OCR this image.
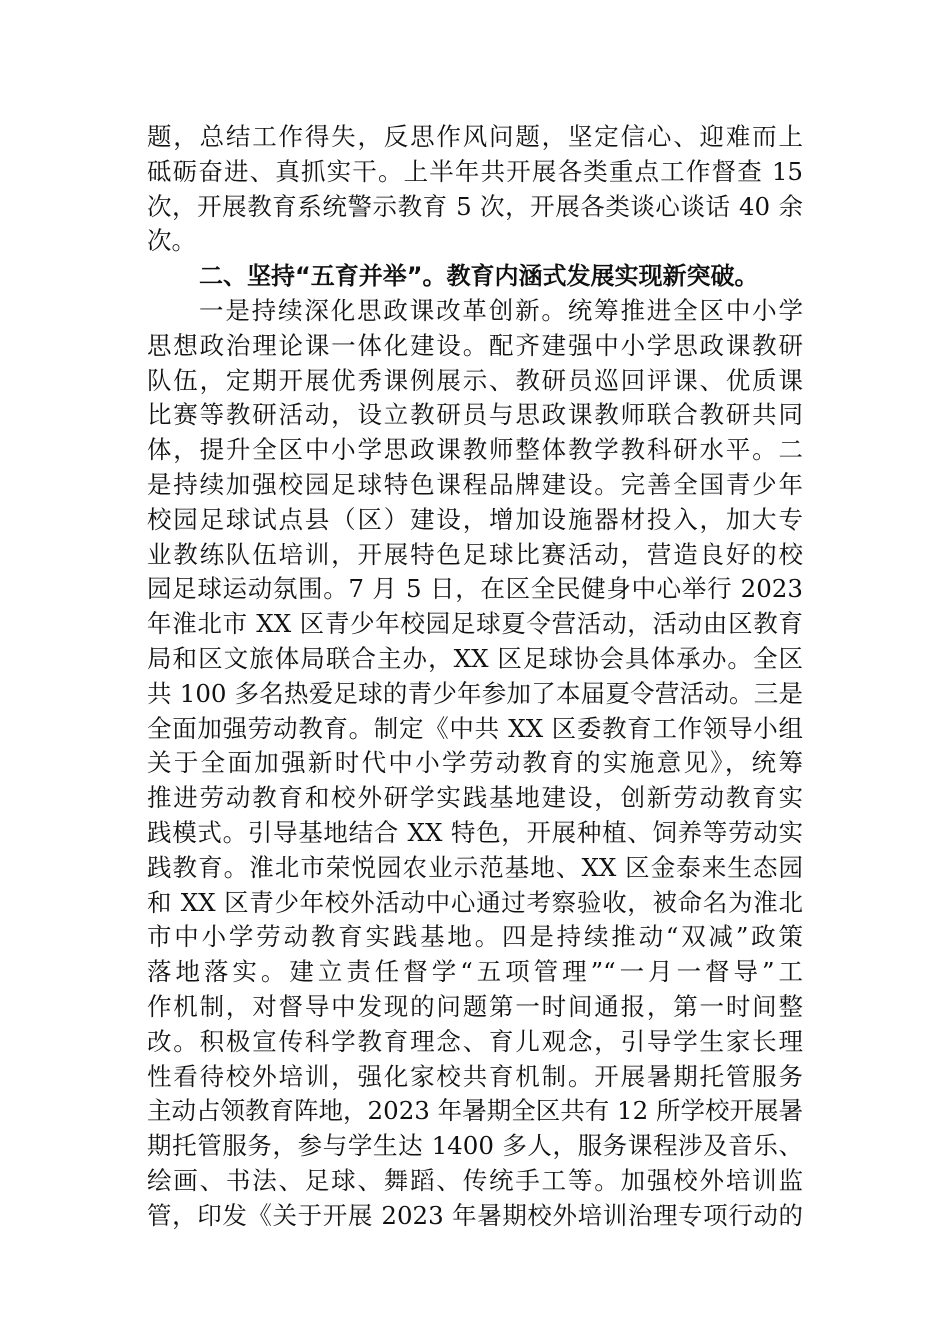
题，总结工作得失，反思作风问题，坚定信心、迎难而上
砥砺奋进、真抓实干。上半年共开展各类重点工作督查 15
次，开展教育系统警示教育 5 次，开展各类谈心谈话 40 余
次。
二、坚持“五育并举”。教育内涵式发展实现新突破。
一是持续深化思政课改革创新。统筹推进全区中小学
思想政治理论课一体化建设。配齐建强中小学思政课教研
队伍，定期开展优秀课例展示、教研员巡回评课、优质课
比赛等教研活动，设立教研员与思政课教师联合教研共同
体，提升全区中小学思政课教师整体教学教科研水平。二
是持续加强校园足球特色课程品牌建设。完善全国青少年
校园足球试点县（区）建设，增加设施器材投入，加大专
业教练队伍培训，开展特色足球比赛活动，营造良好的校
园足球运动氛围。7 月 5 日，在区全民健身中心举行 2023
年淮北市 XX 区青少年校园足球夏令营活动，活动由区教育
局和区文旅体局联合主办，XX 区足球协会具体承办。全区
共 100 多名热爱足球的青少年参加了本届夏令营活动。三是
全面加强劳动教育。制定《中共 XX 区委教育工作领导小组
关于全面加强新时代中小学劳动教育的实施意见》，统筹
推进劳动教育和校外研学实践基地建设，创新劳动教育实
践模式。引导基地结合 XX 特色，开展种植、饲养等劳动实
践教育。淮北市荣悦园农业示范基地、XX 区金泰来生态园
和 XX 区青少年校外活动中心通过考察验收，被命名为淮北
市中小学劳动教育实践基地。四是持续推动“双减”政策
落地落实。建立责任督学“五项管理”“一月一督导”工
作机制，对督导中发现的问题第一时间通报，第一时间整
改。积极宣传科学教育理念、育儿观念，引导学生家长理
性看待校外培训，强化家校共育机制。开展暑期托管服务
主动占领教育阵地，2023 年暑期全区共有 12 所学校开展暑
期托管服务，参与学生达 1400 多人，服务课程涉及音乐、
绘画、书法、足球、舞蹈、传统手工等。加强校外培训监
管，印发《关于开展 2023 年暑期校外培训治理专项行动的
